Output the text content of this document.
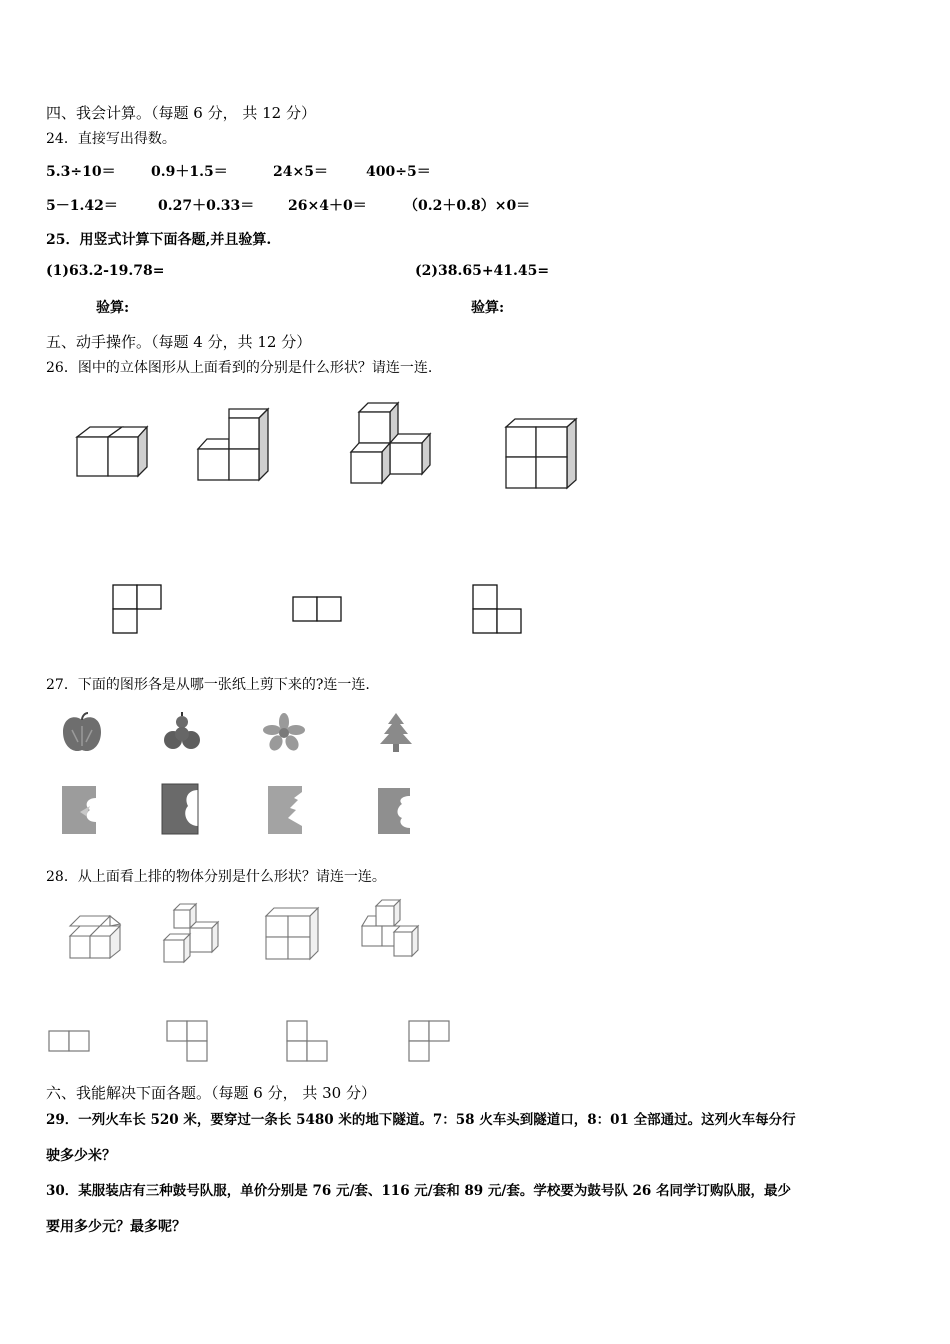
四、我会计算。（每题 6 分， 共 12 分）
24．直接写出得数。
5.3÷10＝	0.9＋1.5＝	24×5＝	400÷5＝
5－1.42＝	0.27＋0.33＝ 26×4＋0＝	（0.2＋0.8）×0＝
25．用竖式计算下面各题,并且验算.
(1)63.2-19.78=	(2)38.65+41.45=
验算:	验算:
五、动手操作。（每题 4 分，共 12 分）
26．图中的立体图形从上面看到的分别是什么形状？请连一连.
27．下面的图形各是从哪一张纸上剪下来的?连一连.
28．从上面看上排的物体分别是什么形状？请连一连。
六、我能解决下面各题。（每题 6 分， 共 30 分）
29．一列火车长 520 米，要穿过一条长 5480 米的地下隧道。7：58 火车头到隧道口，8：01 全部通过。这列火车每分行
驶多少米？
30．某服装店有三种鼓号队服，单价分别是 76 元/套、116 元/套和 89 元/套。学校要为鼓号队 26 名同学订购队服，最少
要用多少元？最多呢？
